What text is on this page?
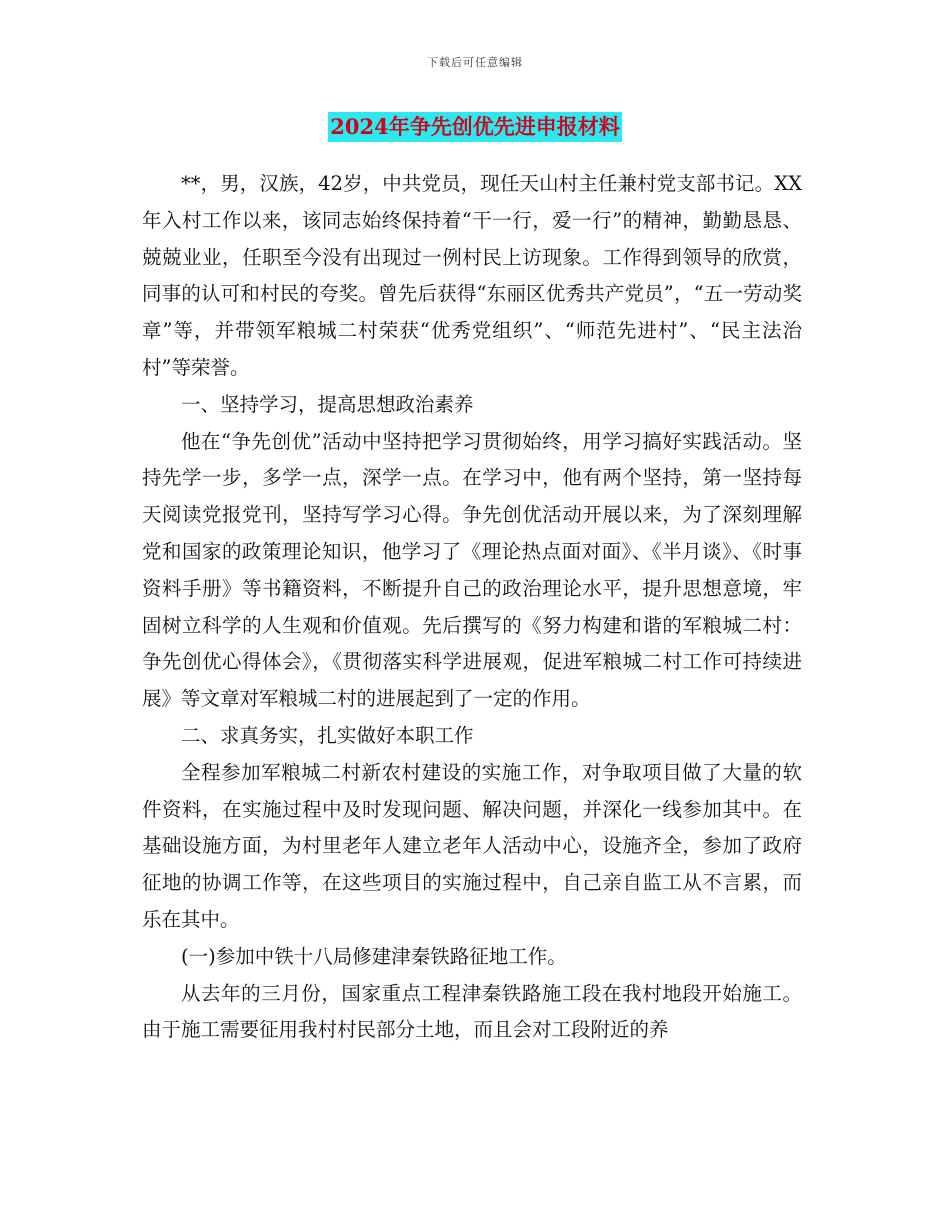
下载后可任意编辑
2024年争先创优先进申报材料

**，男，汉族，42岁，中共党员，现任天山村主任兼村党支部书记。XX年入村工作以来，该同志始终保持着“干一行，爱一行”的精神，勤勤恳恳、兢兢业业，任职至今没有出现过一例村民上访现象。工作得到领导的欣赏，同事的认可和村民的夸奖。曾先后获得“东丽区优秀共产党员”，“五一劳动奖章”等，并带领军粮城二村荣获“优秀党组织”、“师范先进村”、“民主法治村”等荣誉。

一、坚持学习，提高思想政治素养

他在“争先创优”活动中坚持把学习贯彻始终，用学习搞好实践活动。坚持先学一步，多学一点，深学一点。在学习中，他有两个坚持，第一坚持每天阅读党报党刊，坚持写学习心得。争先创优活动开展以来，为了深刻理解党和国家的政策理论知识，他学习了《理论热点面对面》、《半月谈》、《时事资料手册》等书籍资料，不断提升自己的政治理论水平，提升思想意境，牢固树立科学的人生观和价值观。先后撰写的《努力构建和谐的军粮城二村：争先创优心得体会》，《贯彻落实科学进展观，促进军粮城二村工作可持续进展》等文章对军粮城二村的进展起到了一定的作用。

二、求真务实，扎实做好本职工作

全程参加军粮城二村新农村建设的实施工作，对争取项目做了大量的软件资料，在实施过程中及时发现问题、解决问题，并深化一线参加其中。在基础设施方面，为村里老年人建立老年人活动中心，设施齐全，参加了政府征地的协调工作等，在这些项目的实施过程中，自己亲自监工从不言累，而乐在其中。

(一)参加中铁十八局修建津秦铁路征地工作。

从去年的三月份，国家重点工程津秦铁路施工段在我村地段开始施工。由于施工需要征用我村村民部分土地，而且会对工段附近的养
